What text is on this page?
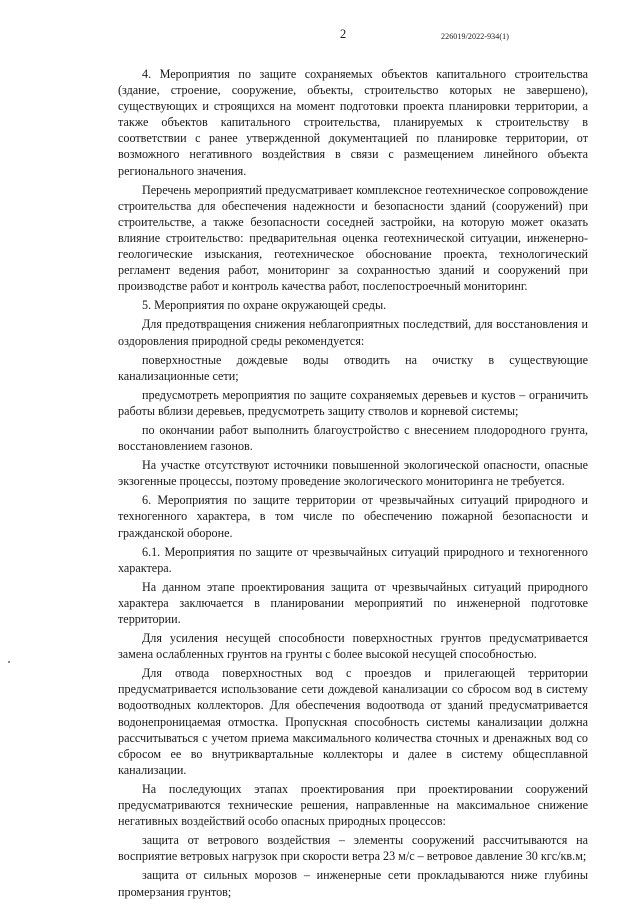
2	226019/2022-934(1)

4. Мероприятия по защите сохраняемых объектов капитального строительства (здание, строение, сооружение, объекты, строительство которых не завершено), существующих и строящихся на момент подготовки проекта планировки территории, а также объектов капитального строительства, планируемых к строительству в соответствии с ранее утвержденной документацией по планировке территории, от возможного негативного воздействия в связи с размещением линейного объекта регионального значения.

Перечень мероприятий предусматривает комплексное геотехническое сопровождение строительства для обеспечения надежности и безопасности зданий (сооружений) при строительстве, а также безопасности соседней застройки, на которую может оказать влияние строительство: предварительная оценка геотехнической ситуации, инженерно-геологические изыскания, геотехническое обоснование проекта, технологический регламент ведения работ, мониторинг за сохранностью зданий и сооружений при производстве работ и контроль качества работ, послепостроечный мониторинг.

5. Мероприятия по охране окружающей среды.

Для предотвращения снижения неблагоприятных последствий, для восстановления и оздоровления природной среды рекомендуется:

поверхностные дождевые воды отводить на очистку в существующие канализационные сети;

предусмотреть мероприятия по защите сохраняемых деревьев и кустов – ограничить работы вблизи деревьев, предусмотреть защиту стволов и корневой системы;

по окончании работ выполнить благоустройство с внесением плодородного грунта, восстановлением газонов.

На участке отсутствуют источники повышенной экологической опасности, опасные экзогенные процессы, поэтому проведение экологического мониторинга не требуется.

6. Мероприятия по защите территории от чрезвычайных ситуаций природного и техногенного характера, в том числе по обеспечению пожарной безопасности и гражданской обороне.

6.1. Мероприятия по защите от чрезвычайных ситуаций природного и техногенного характера.

На данном этапе проектирования защита от чрезвычайных ситуаций природного характера заключается в планировании мероприятий по инженерной подготовке территории.

Для усиления несущей способности поверхностных грунтов предусматривается замена ослабленных грунтов на грунты с более высокой несущей способностью.

Для отвода поверхностных вод с проездов и прилегающей территории предусматривается использование сети дождевой канализации со сбросом вод в систему водоотводных коллекторов. Для обеспечения водоотвода от зданий предусматривается водонепроницаемая отмостка. Пропускная способность системы канализации должна рассчитываться с учетом приема максимального количества сточных и дренажных вод со сбросом ее во внутриквартальные коллекторы и далее в систему общесплавной канализации.

На последующих этапах проектирования при проектировании сооружений предусматриваются технические решения, направленные на максимальное снижение негативных воздействий особо опасных природных процессов:

защита от ветрового воздействия – элементы сооружений рассчитываются на восприятие ветровых нагрузок при скорости ветра 23 м/с – ветровое давление 30 кгс/кв.м;

защита от сильных морозов – инженерные сети прокладываются ниже глубины промерзания грунтов;
